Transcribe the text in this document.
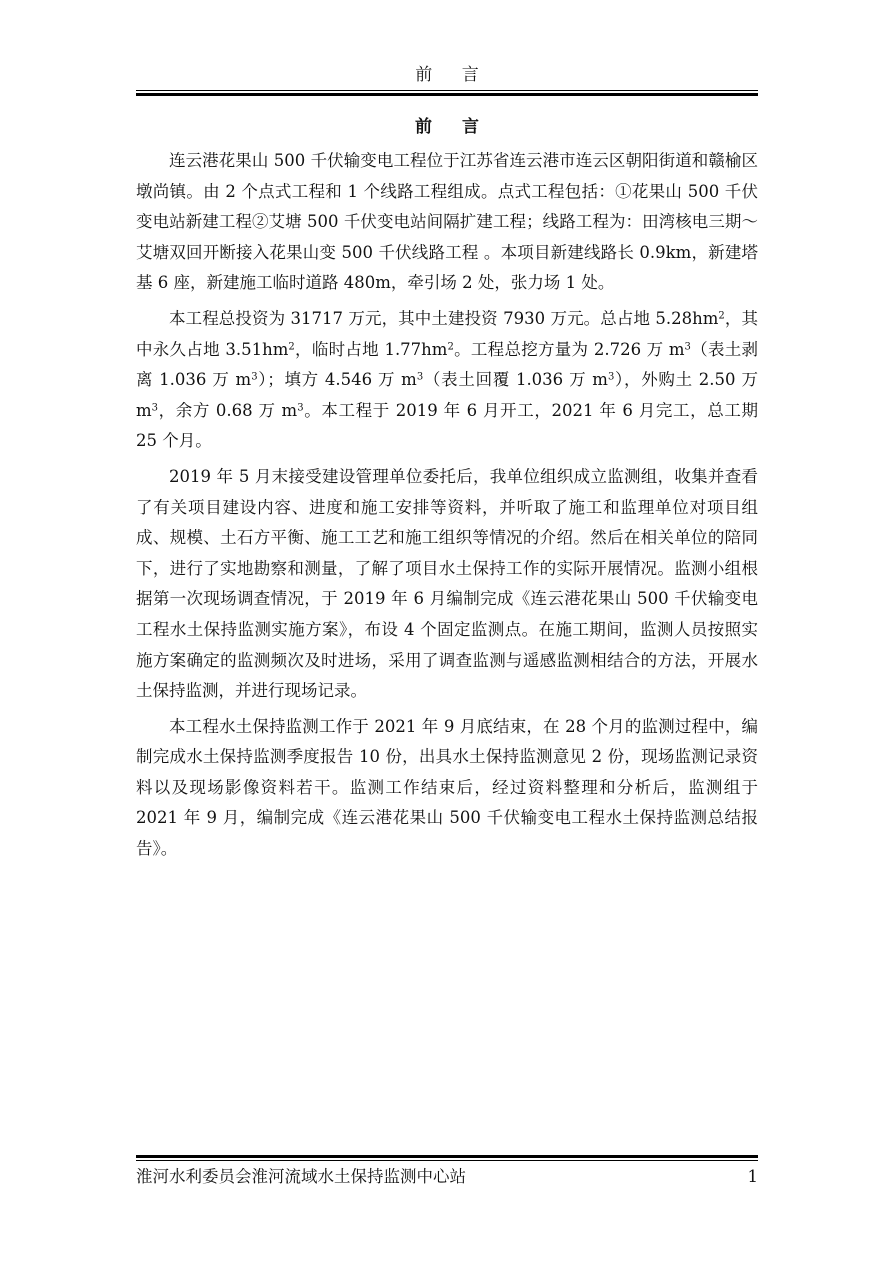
前 言
前 言

连云港花果山 500 千伏输变电工程位于江苏省连云港市连云区朝阳街道和赣榆区墩尚镇。由 2 个点式工程和 1 个线路工程组成。点式工程包括：①花果山 500 千伏变电站新建工程②艾塘 500 千伏变电站间隔扩建工程；线路工程为：田湾核电三期～艾塘双回开断接入花果山变 500 千伏线路工程 。本项目新建线路长 0.9km，新建塔基 6 座，新建施工临时道路 480m，牵引场 2 处，张力场 1 处。

本工程总投资为 31717 万元，其中土建投资 7930 万元。总占地 $5.28hm^2$，其中永久占地 $3.51hm^2$，临时占地 $1.77hm^2$。工程总挖方量为 2.726 万 $m^3$（表土剥离 1.036 万 $m^3$）；填方 4.546 万 $m^3$（表土回覆 1.036 万 $m^3$），外购土 2.50 万 $m^3$，余方 0.68 万 $m^3$。本工程于 2019 年 6 月开工，2021 年 6 月完工，总工期 25 个月。

2019 年 5 月末接受建设管理单位委托后，我单位组织成立监测组，收集并查看了有关项目建设内容、进度和施工安排等资料，并听取了施工和监理单位对项目组成、规模、土石方平衡、施工工艺和施工组织等情况的介绍。然后在相关单位的陪同下，进行了实地勘察和测量，了解了项目水土保持工作的实际开展情况。监测小组根据第一次现场调查情况，于 2019 年 6 月编制完成《连云港花果山 500 千伏输变电工程水土保持监测实施方案》，布设 4 个固定监测点。在施工期间，监测人员按照实施方案确定的监测频次及时进场，采用了调查监测与遥感监测相结合的方法，开展水土保持监测，并进行现场记录。

本工程水土保持监测工作于 2021 年 9 月底结束，在 28 个月的监测过程中，编制完成水土保持监测季度报告 10 份，出具水土保持监测意见 2 份，现场监测记录资料以及现场影像资料若干。监测工作结束后，经过资料整理和分析后，监测组于 2021 年 9 月，编制完成《连云港花果山 500 千伏输变电工程水土保持监测总结报告》。

淮河水利委员会淮河流域水土保持监测中心站	1
